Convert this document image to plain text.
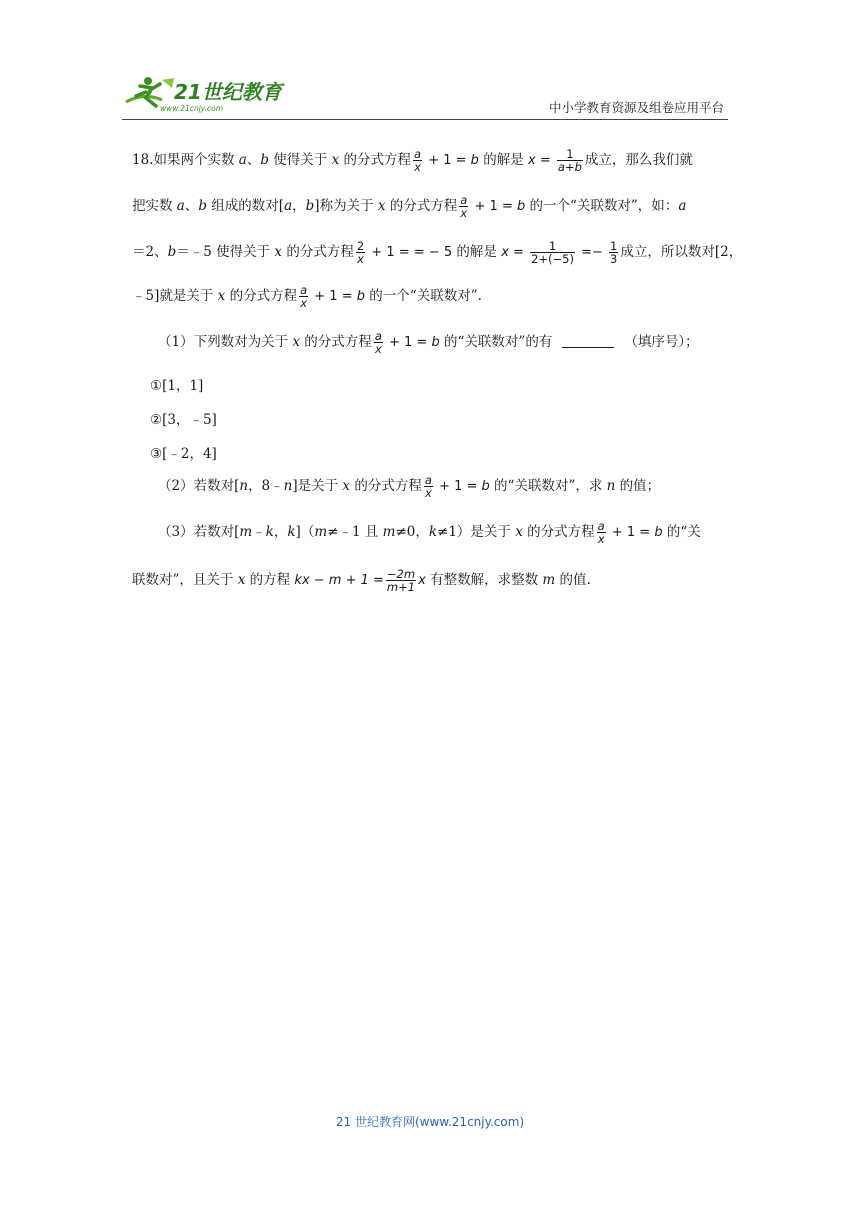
21世纪教育
www.21cnjy.com	中小学教育资源及组卷应用平台
18.如果两个实数 a、b 使得关于 x 的分式方程 $\frac{a}{x} + 1 = b$ 的解是 $x = \frac{1}{a+b}$ 成立，那么我们就
把实数 a、b 组成的数对[a，b]称为关于 x 的分式方程 $\frac{a}{x} + 1 = b$ 的一个“关联数对”，如：a
＝2、b＝﹣5 使得关于 x 的分式方程 $\frac{2}{x} + 1$ = = − 5 的解是 $x = \frac{1}{2+(-5)} =- \frac{1}{3}$ 成立，所以数对[2，
﹣5]就是关于 x 的分式方程 $\frac{a}{x} + 1 = b$ 的一个“关联数对”.
（1）下列数对为关于 x 的分式方程 $\frac{a}{x} + 1 = b$ 的“关联数对”的有	（填序号）；
①[1，1]
②[3，﹣5]
③[﹣2，4]
（2）若数对[n，8﹣n]是关于 x 的分式方程 $\frac{a}{x} + 1 = b$ 的“关联数对”，求 n 的值；
（3）若数对[m﹣k，k]（m≠﹣1 且 m≠0，k≠1）是关于 x 的分式方程 $\frac{a}{x} + 1 = b$ 的“关
联数对”，且关于 x 的方程 kx − $m + 1 = \frac{-2m}{m+1}$ x 有整数解，求整数 m 的值.
21 世纪教育网(www.21cnjy.com)
